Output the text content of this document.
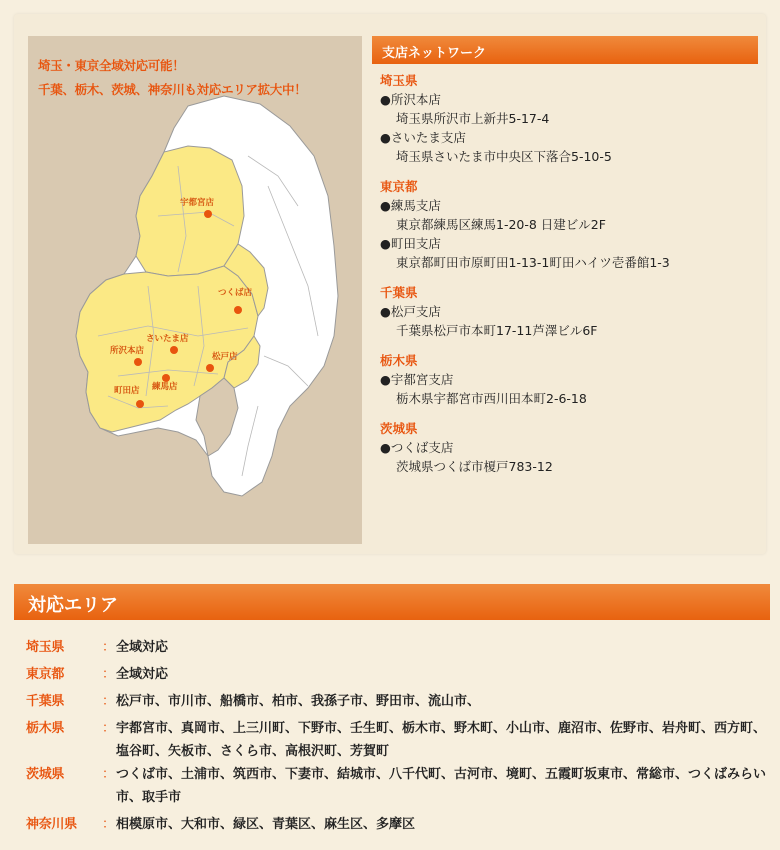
埼玉・東京全域対応可能！
千葉、栃木、茨城、神奈川も対応エリア拡大中！
宇都宮店
つくば店
さいたま店
所沢本店
松戸店
練馬店
町田店
支店ネットワーク
埼玉県
●所沢本店
埼玉県所沢市上新井5-17-4
●さいたま支店
埼玉県さいたま市中央区下落合5-10-5
東京都
●練馬支店
東京都練馬区練馬1-20-8 日建ビル2F
●町田支店
東京都町田市原町田1-13-1町田ハイツ壱番館1-3
千葉県
●松戸支店
千葉県松戸市本町17-11芦澤ビル6F
栃木県
●宇都宮支店
栃木県宇都宮市西川田本町2-6-18
茨城県
●つくば支店
茨城県つくば市榎戸783-12
対応エリア
埼玉県	： 全域対応
東京都	： 全域対応
千葉県	： 松戸市、市川市、船橋市、柏市、我孫子市、野田市、流山市、
栃木県	： 宇都宮市、真岡市、上三川町、下野市、壬生町、栃木市、野木町、小山市、鹿沼市、佐野市、岩舟町、西方町、塩谷町、矢板市、さくら市、高根沢町、芳賀町
茨城県	： つくば市、土浦市、筑西市、下妻市、結城市、八千代町、古河市、境町、五霞町坂東市、常総市、つくばみらい市、取手市
神奈川県	： 相模原市、大和市、緑区、青葉区、麻生区、多摩区
